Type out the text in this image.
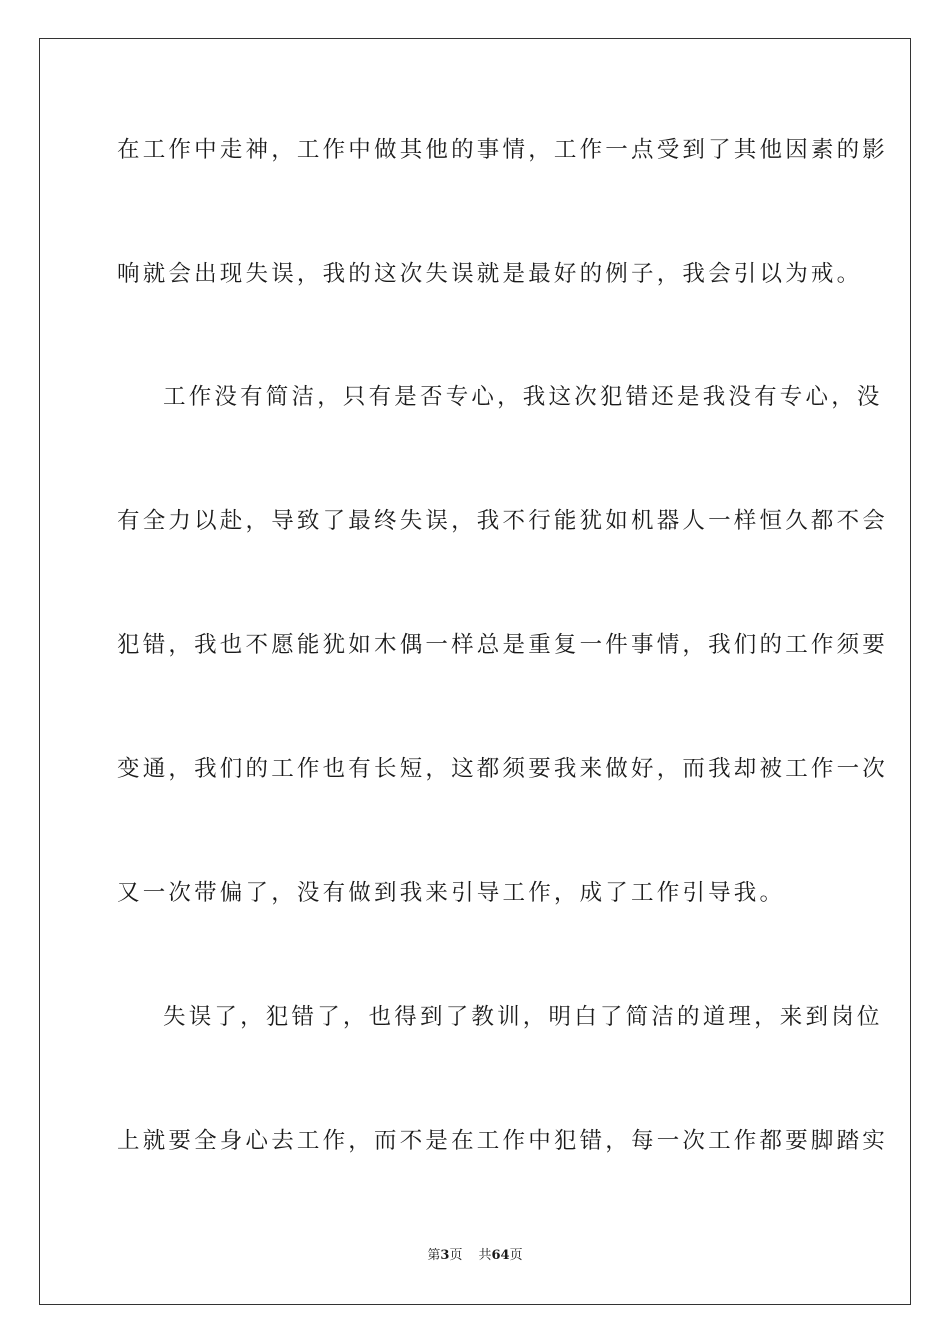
在工作中走神，工作中做其他的事情，工作一点受到了其他因素的影
响就会出现失误，我的这次失误就是最好的例子，我会引以为戒。
工作没有简洁，只有是否专心，我这次犯错还是我没有专心，没
有全力以赴，导致了最终失误，我不行能犹如机器人一样恒久都不会
犯错，我也不愿能犹如木偶一样总是重复一件事情，我们的工作须要
变通，我们的工作也有长短，这都须要我来做好，而我却被工作一次
又一次带偏了，没有做到我来引导工作，成了工作引导我。
失误了，犯错了，也得到了教训，明白了简洁的道理，来到岗位
上就要全身心去工作，而不是在工作中犯错，每一次工作都要脚踏实
第3页 共64页
